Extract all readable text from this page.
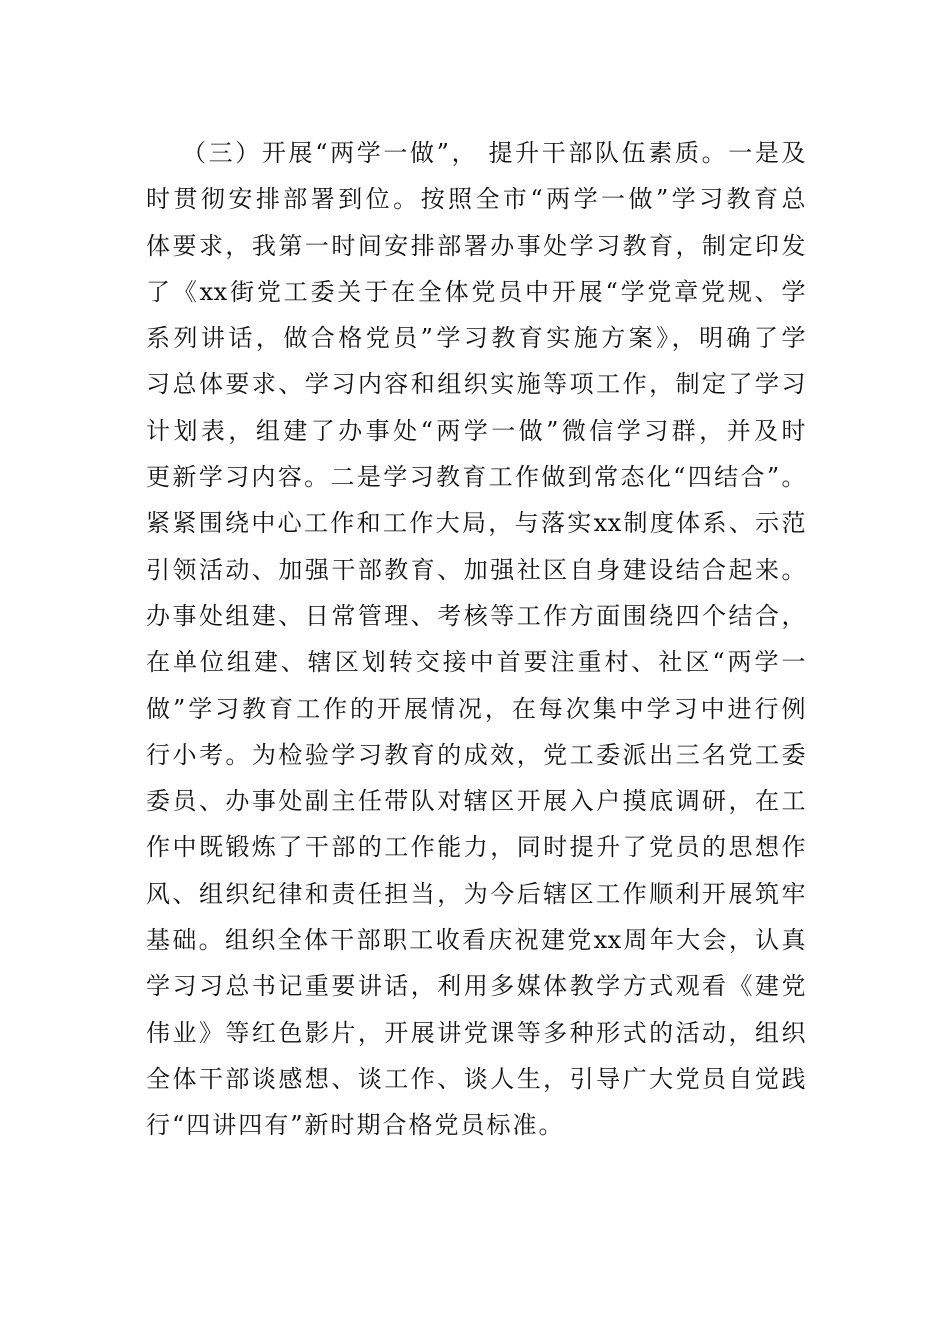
（三）开展“两学一做”， 提升干部队伍素质。一是及
时贯彻安排部署到位。按照全市“两学一做”学习教育总
体要求，我第一时间安排部署办事处学习教育，制定印发
了《xx街党工委关于在全体党员中开展“学党章党规、学
系列讲话，做合格党员”学习教育实施方案》，明确了学
习总体要求、学习内容和组织实施等项工作，制定了学习
计划表，组建了办事处“两学一做”微信学习群，并及时
更新学习内容。二是学习教育工作做到常态化“四结合”。
紧紧围绕中心工作和工作大局，与落实xx制度体系、示范
引领活动、加强干部教育、加强社区自身建设结合起来。
办事处组建、日常管理、考核等工作方面围绕四个结合，
在单位组建、辖区划转交接中首要注重村、社区“两学一
做”学习教育工作的开展情况，在每次集中学习中进行例
行小考。为检验学习教育的成效，党工委派出三名党工委
委员、办事处副主任带队对辖区开展入户摸底调研，在工
作中既锻炼了干部的工作能力，同时提升了党员的思想作
风、组织纪律和责任担当，为今后辖区工作顺利开展筑牢
基础。组织全体干部职工收看庆祝建党xx周年大会，认真
学习习总书记重要讲话，利用多媒体教学方式观看《建党
伟业》等红色影片，开展讲党课等多种形式的活动，组织
全体干部谈感想、谈工作、谈人生，引导广大党员自觉践
行“四讲四有”新时期合格党员标准。
